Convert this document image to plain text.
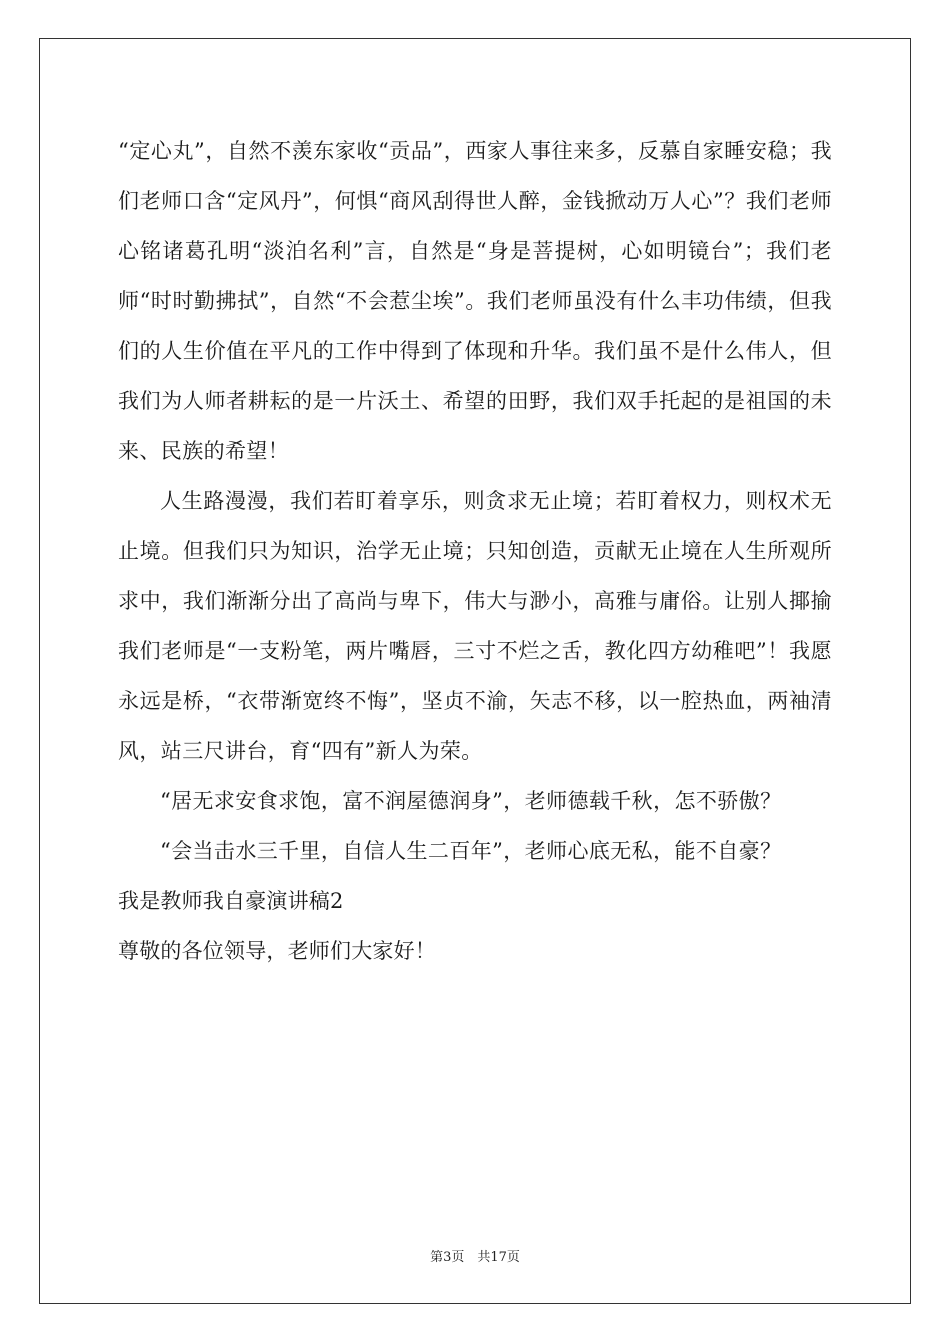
“定心丸”，自然不羡东家收“贡品”，西家人事往来多，反慕自家睡安稳；我们老师口含“定风丹”，何惧“商风刮得世人醉，金钱掀动万人心”？我们老师心铭诸葛孔明“淡泊名利”言，自然是“身是菩提树，心如明镜台”；我们老师“时时勤拂拭”，自然“不会惹尘埃”。我们老师虽没有什么丰功伟绩，但我们的人生价值在平凡的工作中得到了体现和升华。我们虽不是什么伟人，但我们为人师者耕耘的是一片沃土、希望的田野，我们双手托起的是祖国的未来、民族的希望！

人生路漫漫，我们若盯着享乐，则贪求无止境；若盯着权力，则权术无止境。但我们只为知识，治学无止境；只知创造，贡献无止境在人生所观所求中，我们渐渐分出了高尚与卑下，伟大与渺小，高雅与庸俗。让别人揶揄我们老师是“一支粉笔，两片嘴唇，三寸不烂之舌，教化四方幼稚吧”！我愿永远是桥，“衣带渐宽终不悔”，坚贞不渝，矢志不移，以一腔热血，两袖清风，站三尺讲台，育“四有”新人为荣。

“居无求安食求饱，富不润屋德润身”，老师德载千秋，怎不骄傲？

“会当击水三千里，自信人生二百年”，老师心底无私，能不自豪？

我是教师我自豪演讲稿2

尊敬的各位领导，老师们大家好！

第3页　共17页
